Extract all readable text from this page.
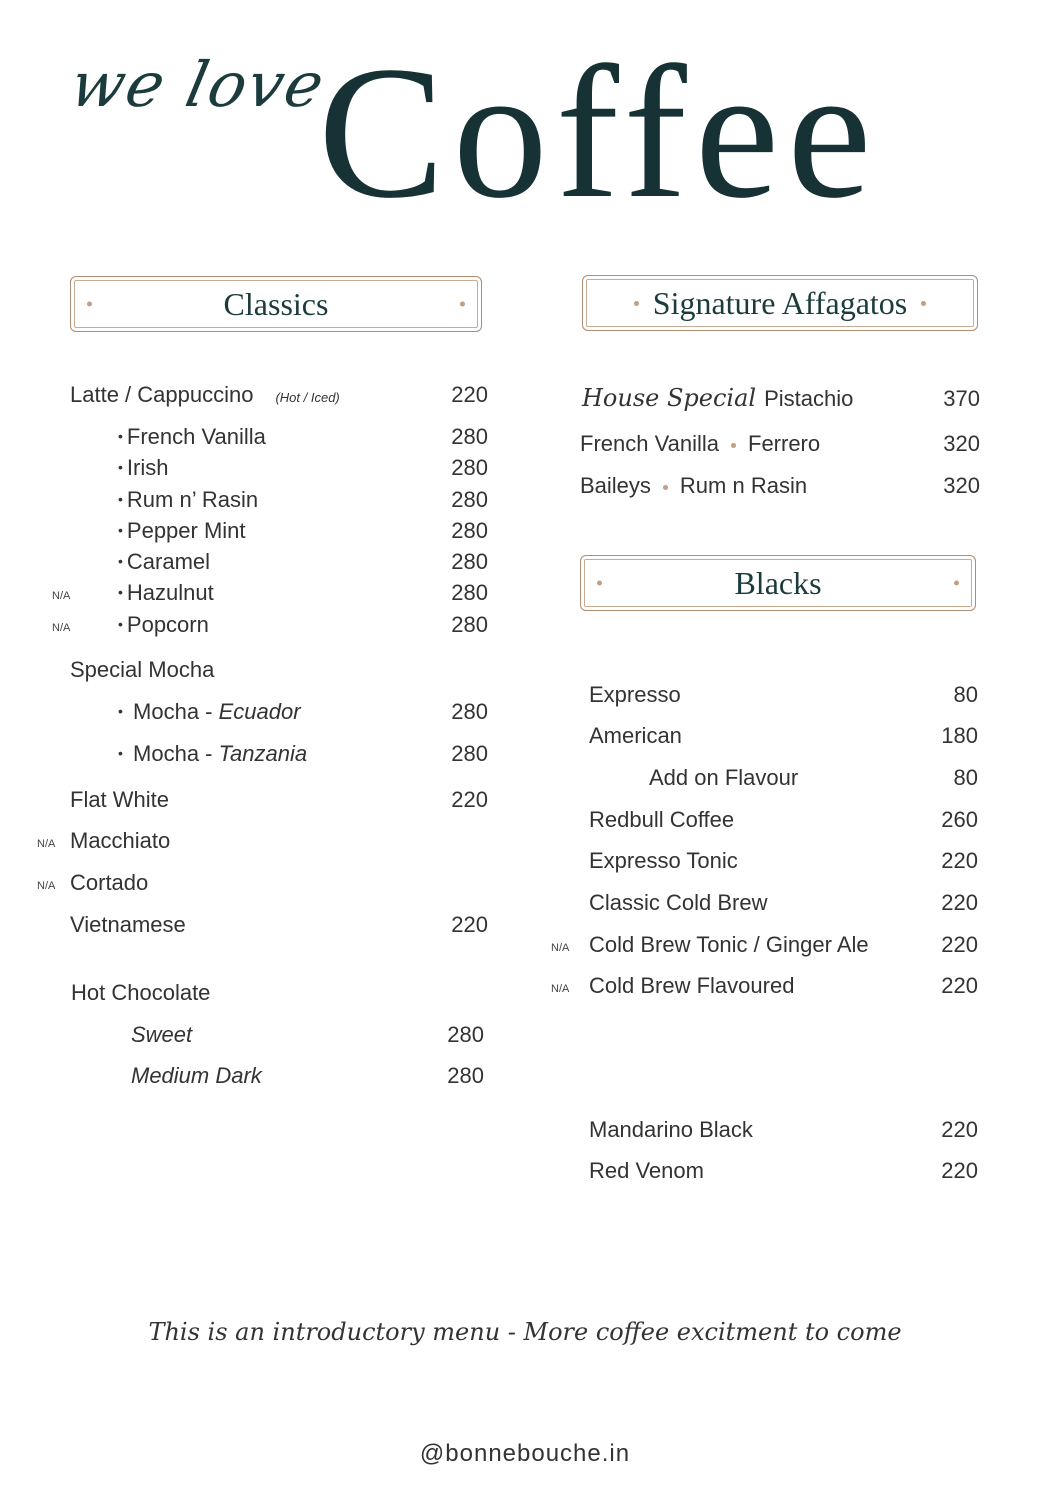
we love
Coffee
Classics	Signature Affagatos
Blacks
Latte / Cappuccino (Hot / Iced)	220
• French Vanilla	280
• Irish	280
• Rum n’ Rasin	280
• Pepper Mint	280
• Caramel	280
N/A	• Hazulnut	280
N/A	• Popcorn	280
Special Mocha
• Mocha - Ecuador	280
• Mocha - Tanzania	280
Flat White	220
N/A Macchiato
N/A Cortado
Vietnamese	220
Hot Chocolate
Sweet	280
Medium Dark	280
House Special Pistachio	370
French Vanilla Ferrero	320
Baileys Rum n Rasin	320
Expresso	80
American	180
Add on Flavour	80
Redbull Coffee	260
Expresso Tonic	220
Classic Cold Brew	220
N/A Cold Brew Tonic / Ginger Ale	220
N/A Cold Brew Flavoured	220
Mandarino Black	220
Red Venom	220
This is an introductory menu - More coffee excitment to come
@bonnebouche.in
